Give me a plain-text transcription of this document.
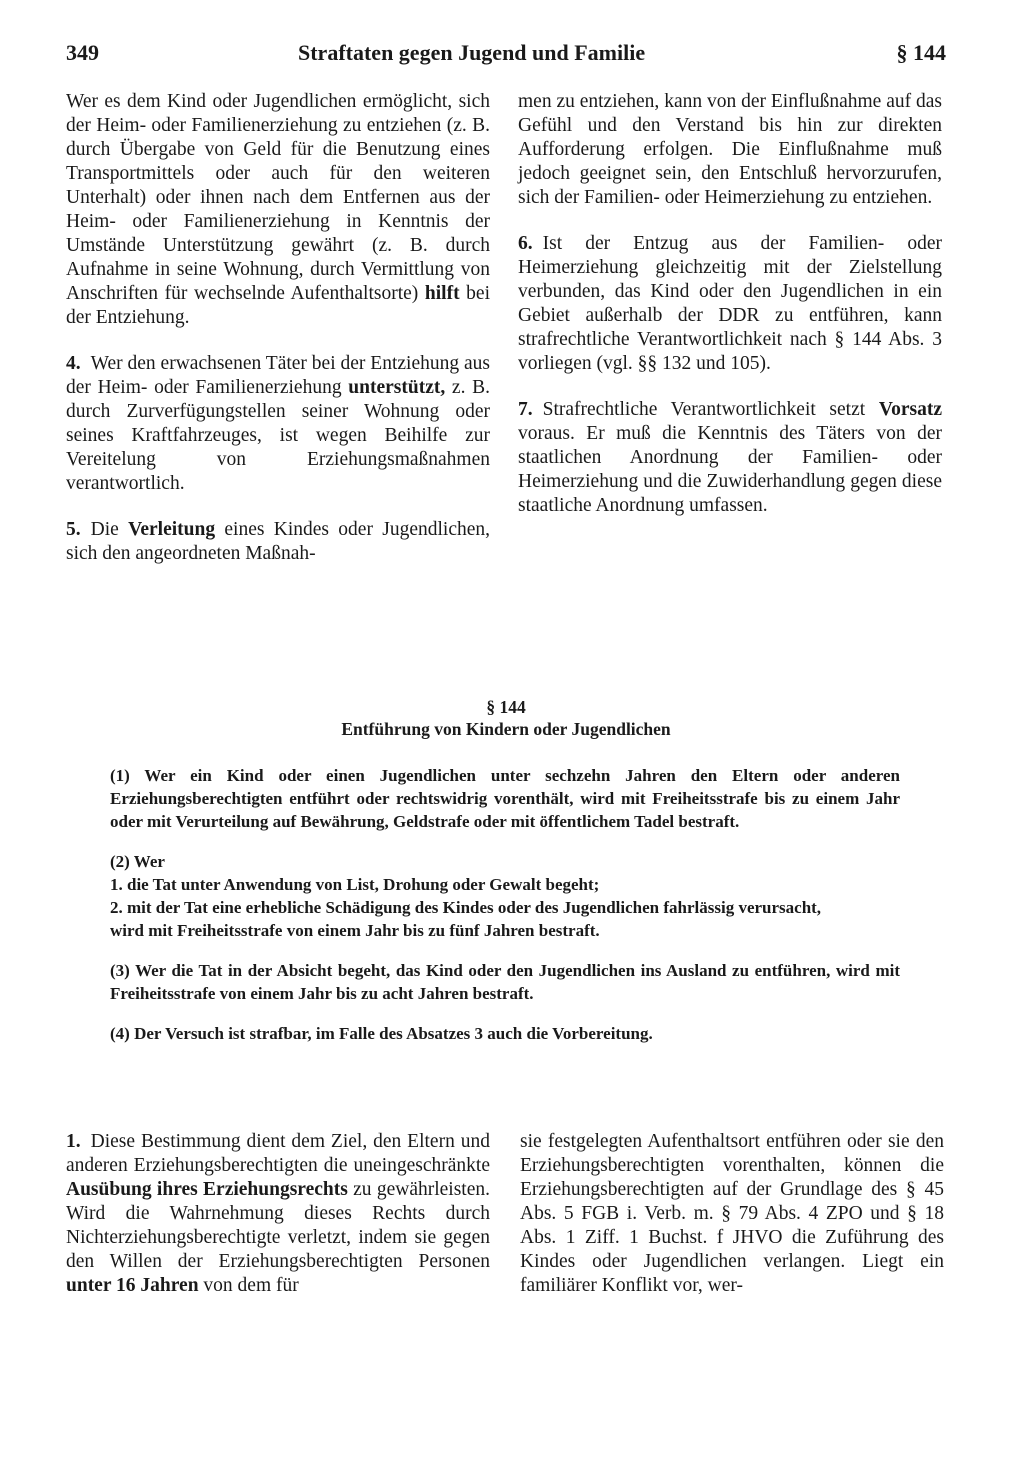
349	Straftaten gegen Jugend und Familie	§ 144

Wer es dem Kind oder Jugendlichen ermöglicht, sich der Heim- oder Familienerziehung zu entziehen (z. B. durch Übergabe von Geld für die Benutzung eines Transportmittels oder auch für den weiteren Unterhalt) oder ihnen nach dem Entfernen aus der Heim- oder Familienerziehung in Kenntnis der Umstände Unterstützung gewährt (z. B. durch Aufnahme in seine Wohnung, durch Vermittlung von Anschriften für wechselnde Aufenthaltsorte) hilft bei der Entziehung.

4. Wer den erwachsenen Täter bei der Entziehung aus der Heim- oder Familienerziehung unterstützt, z. B. durch Zurverfügungstellen seiner Wohnung oder seines Kraftfahrzeuges, ist wegen Beihilfe zur Vereitelung von Erziehungsmaßnahmen verantwortlich.

5. Die Verleitung eines Kindes oder Jugendlichen, sich den angeordneten Maßnah-

men zu entziehen, kann von der Einflußnahme auf das Gefühl und den Verstand bis hin zur direkten Aufforderung erfolgen. Die Einflußnahme muß jedoch geeignet sein, den Entschluß hervorzurufen, sich der Familien- oder Heimerziehung zu entziehen.

6. Ist der Entzug aus der Familien- oder Heimerziehung gleichzeitig mit der Zielstellung verbunden, das Kind oder den Jugendlichen in ein Gebiet außerhalb der DDR zu entführen, kann strafrechtliche Verantwortlichkeit nach § 144 Abs. 3 vorliegen (vgl. §§ 132 und 105).

7. Strafrechtliche Verantwortlichkeit setzt Vorsatz voraus. Er muß die Kenntnis des Täters von der staatlichen Anordnung der Familien- oder Heimerziehung und die Zuwiderhandlung gegen diese staatliche Anordnung umfassen.

§ 144
Entführung von Kindern oder Jugendlichen

(1) Wer ein Kind oder einen Jugendlichen unter sechzehn Jahren den Eltern oder anderen Erziehungsberechtigten entführt oder rechtswidrig vorenthält, wird mit Freiheitsstrafe bis zu einem Jahr oder mit Verurteilung auf Bewährung, Geldstrafe oder mit öffentlichem Tadel bestraft.

(2) Wer
1. die Tat unter Anwendung von List, Drohung oder Gewalt begeht;
2. mit der Tat eine erhebliche Schädigung des Kindes oder des Jugendlichen fahrlässig verursacht,
wird mit Freiheitsstrafe von einem Jahr bis zu fünf Jahren bestraft.

(3) Wer die Tat in der Absicht begeht, das Kind oder den Jugendlichen ins Ausland zu entführen, wird mit Freiheitsstrafe von einem Jahr bis zu acht Jahren bestraft.

(4) Der Versuch ist strafbar, im Falle des Absatzes 3 auch die Vorbereitung.

1. Diese Bestimmung dient dem Ziel, den Eltern und anderen Erziehungsberechtigten die uneingeschränkte Ausübung ihres Erziehungsrechts zu gewährleisten. Wird die Wahrnehmung dieses Rechts durch Nichterziehungsberechtigte verletzt, indem sie gegen den Willen der Erziehungsberechtigten Personen unter 16 Jahren von dem für

sie festgelegten Aufenthaltsort entführen oder sie den Erziehungsberechtigten vorenthalten, können die Erziehungsberechtigten auf der Grundlage des § 45 Abs. 5 FGB i. Verb. m. § 79 Abs. 4 ZPO und § 18 Abs. 1 Ziff. 1 Buchst. f JHVO die Zuführung des Kindes oder Jugendlichen verlangen. Liegt ein familiärer Konflikt vor, wer-
